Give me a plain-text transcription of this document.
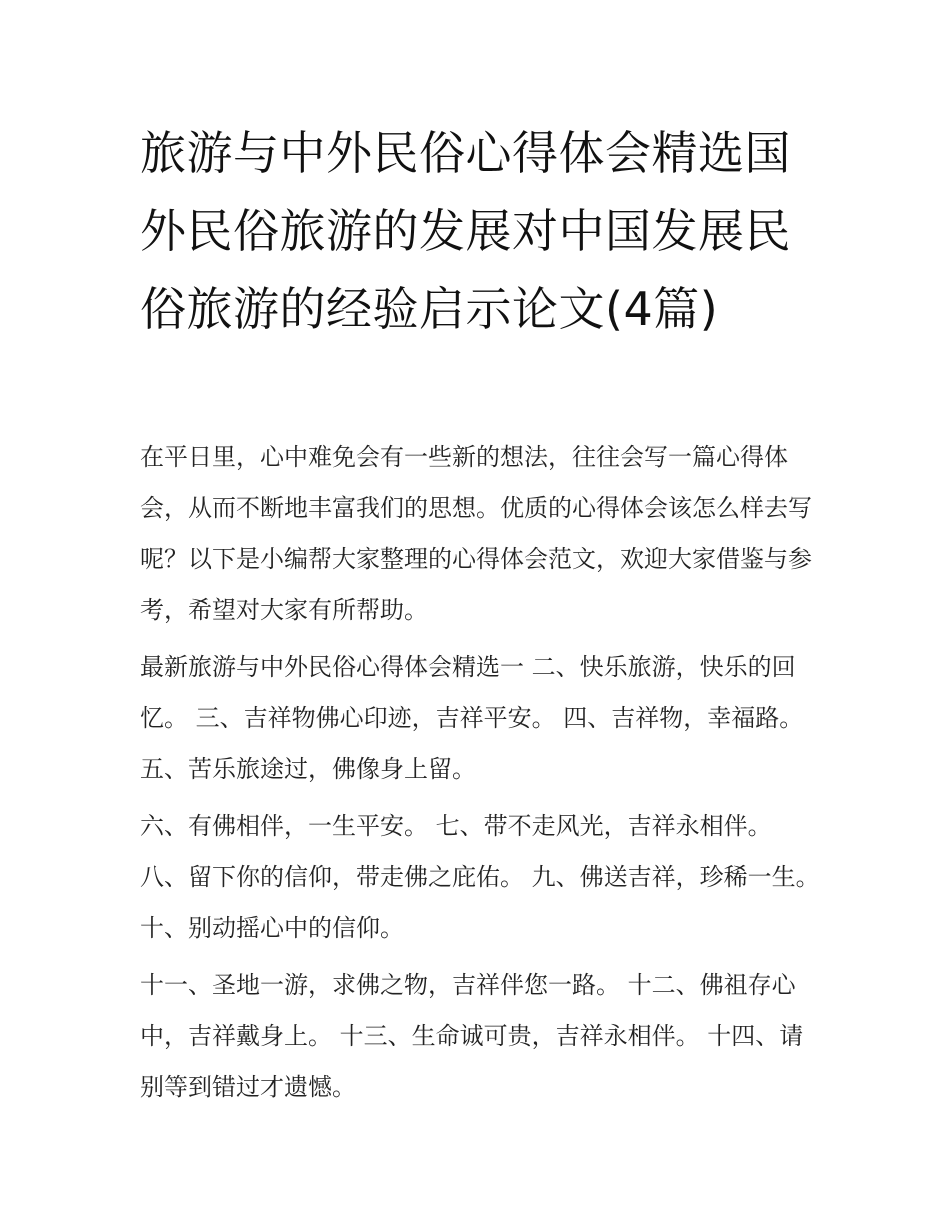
旅游与中外民俗心得体会精选国外民俗旅游的发展对中国发展民俗旅游的经验启示论文(4篇)

在平日里，心中难免会有一些新的想法，往往会写一篇心得体会，从而不断地丰富我们的思想。优质的心得体会该怎么样去写呢？以下是小编帮大家整理的心得体会范文，欢迎大家借鉴与参考，希望对大家有所帮助。

最新旅游与中外民俗心得体会精选一 二、快乐旅游，快乐的回忆。 三、吉祥物佛心印迹，吉祥平安。 四、吉祥物，幸福路。 五、苦乐旅途过，佛像身上留。

六、有佛相伴，一生平安。 七、带不走风光，吉祥永相伴。 八、留下你的信仰，带走佛之庇佑。 九、佛送吉祥，珍稀一生。 十、别动摇心中的信仰。

十一、圣地一游，求佛之物，吉祥伴您一路。 十二、佛祖存心中，吉祥戴身上。 十三、生命诚可贵，吉祥永相伴。 十四、请别等到错过才遗憾。
